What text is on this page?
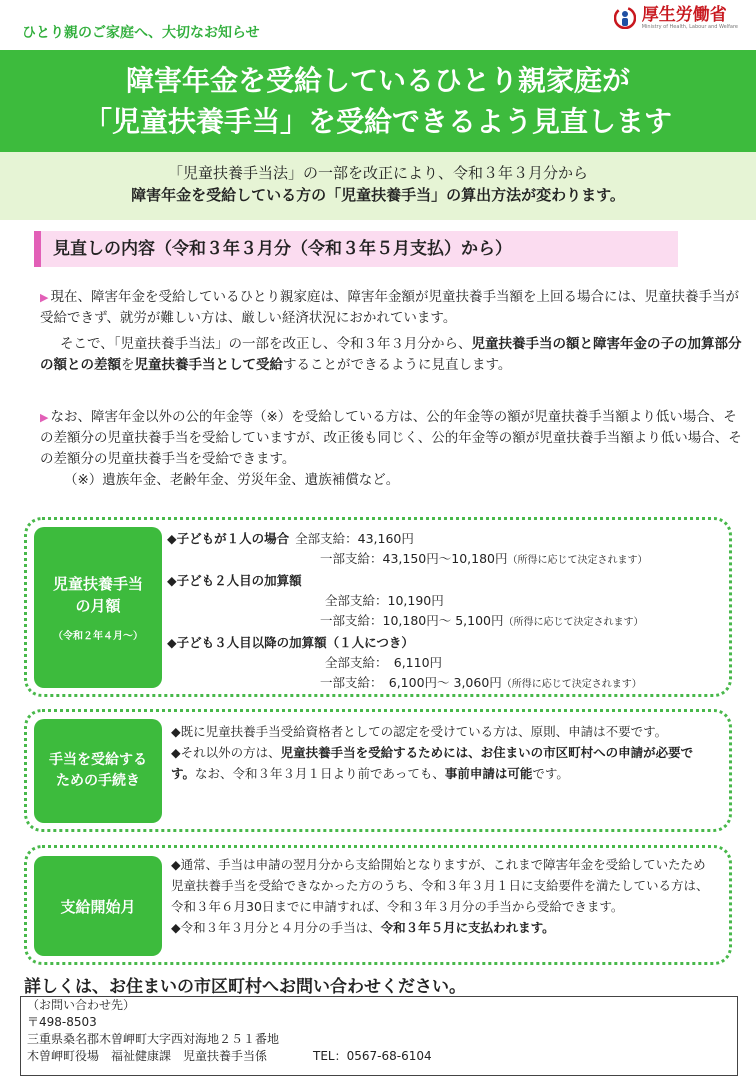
ひとり親のご家庭へ、大切なお知らせ
厚生労働省
Ministry of Health, Labour and Welfare
障害年金を受給しているひとり親家庭が
「児童扶養手当」を受給できるよう見直します
「児童扶養手当法」の一部を改正により、令和３年３月分から
障害年金を受給している方の「児童扶養手当」の算出方法が変わります。
見直しの内容（令和３年３月分（令和３年５月支払）から）
▶ 現在、障害年金を受給しているひとり親家庭は、障害年金額が児童扶養手当額を上回る場合には、児童扶養手当が受給できず、就労が難しい方は、厳しい経済状況におかれています。
そこで、「児童扶養手当法」の一部を改正し、令和３年３月分から、児童扶養手当の額と障害年金の子の加算部分の額との差額を児童扶養手当として受給することができるように見直します。
▶ なお、障害年金以外の公的年金等（※）を受給している方は、公的年金等の額が児童扶養手当額より低い場合、その差額分の児童扶養手当を受給していますが、改正後も同じく、公的年金等の額が児童扶養手当額より低い場合、その差額分の児童扶養手当を受給できます。
（※）遺族年金、老齢年金、労災年金、遺族補償など。
児童扶養手当
の月額
（令和２年４月～）
◆子どもが１人の場合 全部支給：43,160円
一部支給：43,150円～10,180円（所得に応じて決定されます）
◆子ども２人目の加算額
全部支給：10,190円
一部支給：10,180円～ 5,100円（所得に応じて決定されます）
◆子ども３人目以降の加算額（１人につき）
全部支給：　6,110円
一部支給：　6,100円～ 3,060円（所得に応じて決定されます）
手当を受給する
ための手続き
◆既に児童扶養手当受給資格者としての認定を受けている方は、原則、申請は不要です。
◆それ以外の方は、児童扶養手当を受給するためには、お住まいの市区町村への申請が必要です。なお、令和３年３月１日より前であっても、事前申請は可能です。
支給開始月
◆通常、手当は申請の翌月分から支給開始となりますが、これまで障害年金を受給していたため児童扶養手当を受給できなかった方のうち、令和３年３月１日に支給要件を満たしている方は、令和３年６月30日までに申請すれば、令和３年３月分の手当から受給できます。
◆令和３年３月分と４月分の手当は、令和３年５月に支払われます。
詳しくは、お住まいの市区町村へお問い合わせください。
（お問い合わせ先）
〒498-8503
三重県桑名郡木曽岬町大字西対海地２５１番地
木曽岬町役場　福祉健康課　児童扶養手当係	TEL：0567-68-6104
